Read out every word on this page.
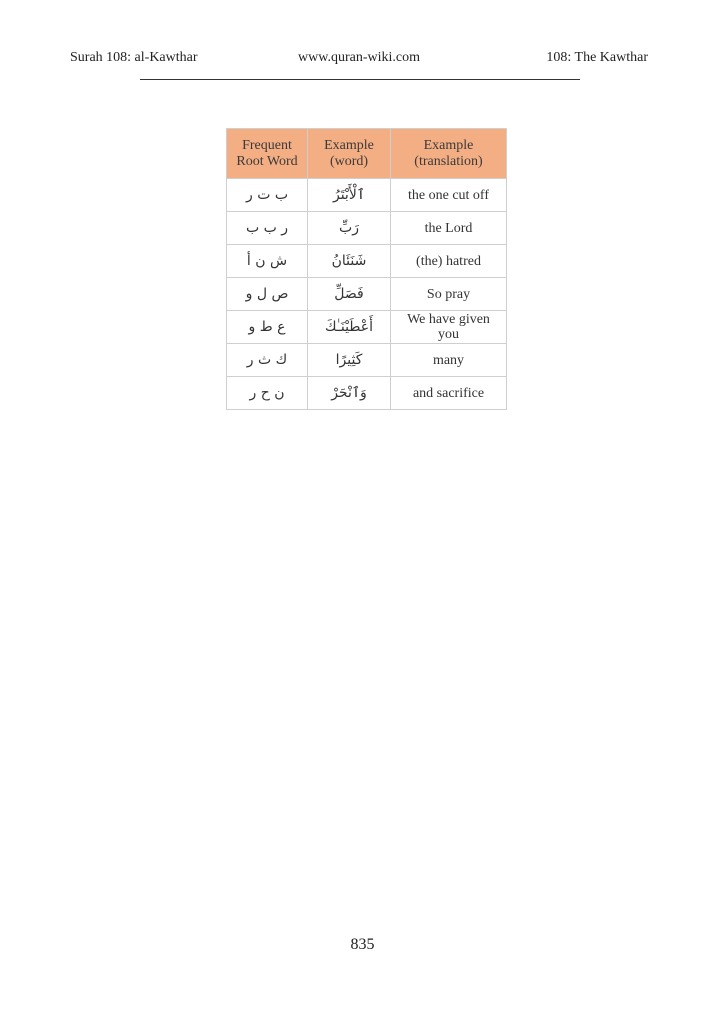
Surah 108: al-Kawthar	www.quran-wiki.com	108: The Kawthar
Frequent Root Word	Example (word)	Example (translation)
ب ت ر	ٱلْأَبْتَرُ	the one cut off
ر ب ب	رَبِّ	the Lord
ش ن أ	شَنَئَانُ	(the) hatred
ص ل و	فَصَلِّ	So pray
ع ط و	أَعْطَيْنَـٰكَ	We have given you
ك ث ر	كَثِيرًا	many
ن ح ر	وَٱنْحَرْ	and sacrifice
835
